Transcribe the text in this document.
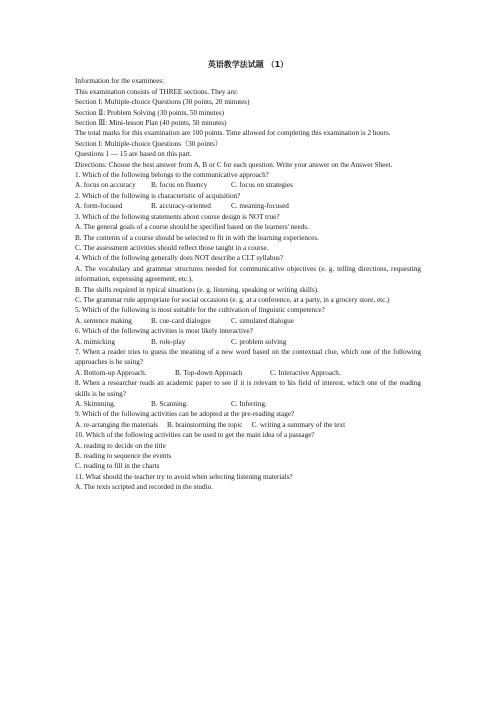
英语教学法试题 （1）
Information for the examinees:
This examination consists of THREE sections. They are:
Section I: Multiple-choice Questions (30 points, 20 minutes)
Section Ⅱ: Problem Solving (30 points, 50 minutes)
Section Ⅲ: Mini-lesson Plan (40 points, 50 minutes)
The total marks for this examination are 100 points. Time allowed for completing this examination is 2 hours.
Section I: Multiple-choice Questions（30 points）
Questions 1 — 15 are based on this part.
Directions: Choose the best answer from A, B or C for each question. Write your answer on the Answer Sheet.
1. Which of the following belongs to the communicative approach?
A. focus on accuracy	B. focus on fluency	C. focus on strategies
2. Which of the following is characteristic of acquisition?
A. form-focused	B. accuracy-oriented	C. meaning-focused
3. Which of the following statements about course design is NOT true?
A. The general goals of a course should be specified based on the learners' needs.
B. The contents of a course should be selected to fit in with the learning experiences.
C. The assessment activities should reflect those taught in a course.
4. Which of the following generally does NOT describe a CLT syllabus?
A. The vocabulary and grammar structures needed for communicative objectives (e. g. telling directions, requesting information, expressing agreement, etc.).
B. The skills required in typical situations (e. g. listening, speaking or writing skills).
C. The grammar rule appropriate for social occasions (e. g. at a conference, at a party, in a grocery store, etc.)
5. Which of the following is most suitable for the cultivation of linguistic competence?
A. sentence making	B. cue-card dialogue	C. simulated dialogue
6. Which of the following activities is most likely interactive?
A. mimicking	B. role-play	C. problem solving
7. When a reader tries to guess the meaning of a new word based on the contextual clue, which one of the following approaches is he using?
A. Bottom-up Approach.	B. Top-down Approach	C. Interactive Approach.
8. When a researcher reads an academic paper to see if it is relevant to his field of interest, which one of the reading skills is he using?
A. Skimming.	B. Scanning.	C. Inferring.
9. Which of the following activities can be adopted at the pre-reading stage?
A. re-arranging the materials     B. brainstorming the topic     C. writing a summary of the text
10. Which of the following activities can be used to get the main idea of a passage?
A. reading to decide on the title
B. reading to sequence the events
C. reading to fill in the charts
11. What should the teacher try to avoid when selecting listening materials?
A. The texts scripted and recorded in the studio.
